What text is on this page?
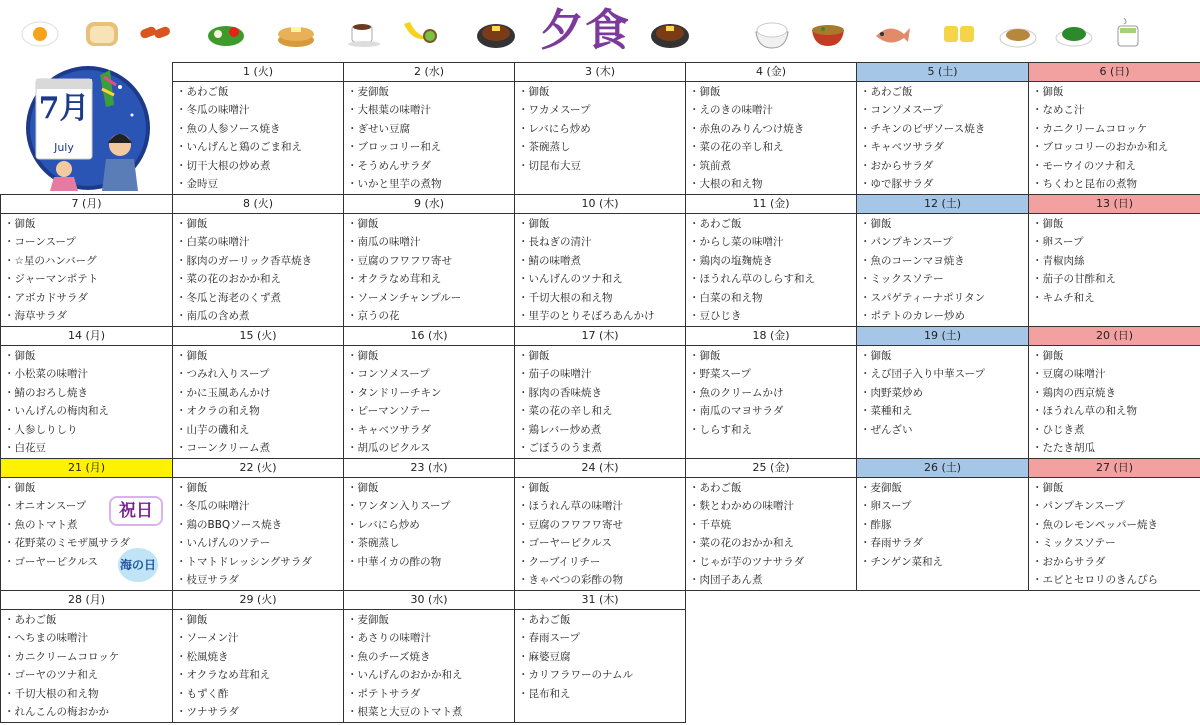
夕食
7月
July
1 (火)
・ あわご飯
・ 冬瓜の味噌汁
・ 魚の人参ソース焼き
・ いんげんと鶏のごま和え
・ 切干大根の炒め煮
・ 金時豆
2 (水)
・ 麦御飯
・ 大根葉の味噌汁
・ ぎせい豆腐
・ ブロッコリー和え
・ そうめんサラダ
・ いかと里芋の煮物
3 (木)
・ 御飯
・ ワカメスープ
・ レバにら炒め
・ 茶碗蒸し
・ 切昆布大豆
4 (金)
・ 御飯
・ えのきの味噌汁
・ 赤魚のみりんつけ焼き
・ 菜の花の辛し和え
・ 筑前煮
・ 大根の和え物
5 (土)
・ あわご飯
・ コンソメスープ
・ チキンのピザソース焼き
・ キャベツサラダ
・ おからサラダ
・ ゆで豚サラダ
6 (日)
・ 御飯
・ なめこ汁
・ カニクリームコロッケ
・ ブロッコリーのおかか和え
・ モーウイのツナ和え
・ ちくわと昆布の煮物
7 (月)
・ 御飯
・ コーンスープ
・ ☆星のハンバーグ
・ ジャーマンポテト
・ アボカドサラダ
・ 海草サラダ
8 (火)
・ 御飯
・ 白菜の味噌汁
・ 豚肉のガーリック香草焼き
・ 菜の花のおかか和え
・ 冬瓜と海老のくず煮
・ 南瓜の含め煮
9 (水)
・ 御飯
・ 南瓜の味噌汁
・ 豆腐のフワフワ寄せ
・ オクラなめ茸和え
・ ソーメンチャンプルー
・ 京うの花
10 (木)
・ 御飯
・ 長ねぎの清汁
・ 鯖の味噌煮
・ いんげんのツナ和え
・ 千切大根の和え物
・ 里芋のとりそぼろあんかけ
11 (金)
・ あわご飯
・ からし菜の味噌汁
・ 鶏肉の塩麹焼き
・ ほうれん草のしらす和え
・ 白菜の和え物
・ 豆ひじき
12 (土)
・ 御飯
・ パンプキンスープ
・ 魚のコーンマヨ焼き
・ ミックスソテー
・ スパゲティーナポリタン
・ ポテトのカレー炒め
13 (日)
・ 御飯
・ 卵スープ
・ 青椒肉絲
・ 茄子の甘酢和え
・ キムチ和え
14 (月)
・ 御飯
・ 小松菜の味噌汁
・ 鯖のおろし焼き
・ いんげんの梅肉和え
・ 人参しりしり
・ 白花豆
15 (火)
・ 御飯
・ つみれ入りスープ
・ かに玉風あんかけ
・ オクラの和え物
・ 山芋の磯和え
・ コーンクリーム煮
16 (水)
・ 御飯
・ コンソメスープ
・ タンドリーチキン
・ ピーマンソテー
・ キャベツサラダ
・ 胡瓜のピクルス
17 (木)
・ 御飯
・ 茄子の味噌汁
・ 豚肉の香味焼き
・ 菜の花の辛し和え
・ 鶏レバー炒め煮
・ ごぼうのうま煮
18 (金)
・ 御飯
・ 野菜スープ
・ 魚のクリームかけ
・ 南瓜のマヨサラダ
・ しらす和え
19 (土)
・ 御飯
・ えび団子入り中華スープ
・ 肉野菜炒め
・ 菜種和え
・ ぜんざい
20 (日)
・ 御飯
・ 豆腐の味噌汁
・ 鶏肉の西京焼き
・ ほうれん草の和え物
・ ひじき煮
・ たたき胡瓜
21 (月)
・ 御飯
・ オニオンスープ
・ 魚のトマト煮
・ 花野菜のミモザ風サラダ
・ ゴーヤーピクルス
祝日
海の日
22 (火)
・ 御飯
・ 冬瓜の味噌汁
・ 鶏のBBQソース焼き
・ いんげんのソテー
・ トマトドレッシングサラダ
・ 枝豆サラダ
23 (水)
・ 御飯
・ ワンタン入りスープ
・ レバにら炒め
・ 茶碗蒸し
・ 中華イカの酢の物
24 (木)
・ 御飯
・ ほうれん草の味噌汁
・ 豆腐のフワフワ寄せ
・ ゴーヤーピクルス
・ クーブイリチー
・ きゃべつの彩酢の物
25 (金)
・ あわご飯
・ 麩とわかめの味噌汁
・ 千草焼
・ 菜の花のおかか和え
・ じゃが芋のツナサラダ
・ 肉団子あん煮
26 (土)
・ 麦御飯
・ 卵スープ
・ 酢豚
・ 春雨サラダ
・ チンゲン菜和え
27 (日)
・ 御飯
・ パンプキンスープ
・ 魚のレモンペッパー焼き
・ ミックスソテー
・ おからサラダ
・ エビとセロリのきんぴら
28 (月)
・ あわご飯
・ へちまの味噌汁
・ カニクリームコロッケ
・ ゴーヤのツナ和え
・ 千切大根の和え物
・ れんこんの梅おかか
29 (火)
・ 御飯
・ ソーメン汁
・ 松風焼き
・ オクラなめ茸和え
・ もずく酢
・ ツナサラダ
30 (水)
・ 麦御飯
・ あさりの味噌汁
・ 魚のチーズ焼き
・ いんげんのおかか和え
・ ポテトサラダ
・ 根菜と大豆のトマト煮
31 (木)
・ あわご飯
・ 春雨スープ
・ 麻婆豆腐
・ カリフラワーのナムル
・ 昆布和え
